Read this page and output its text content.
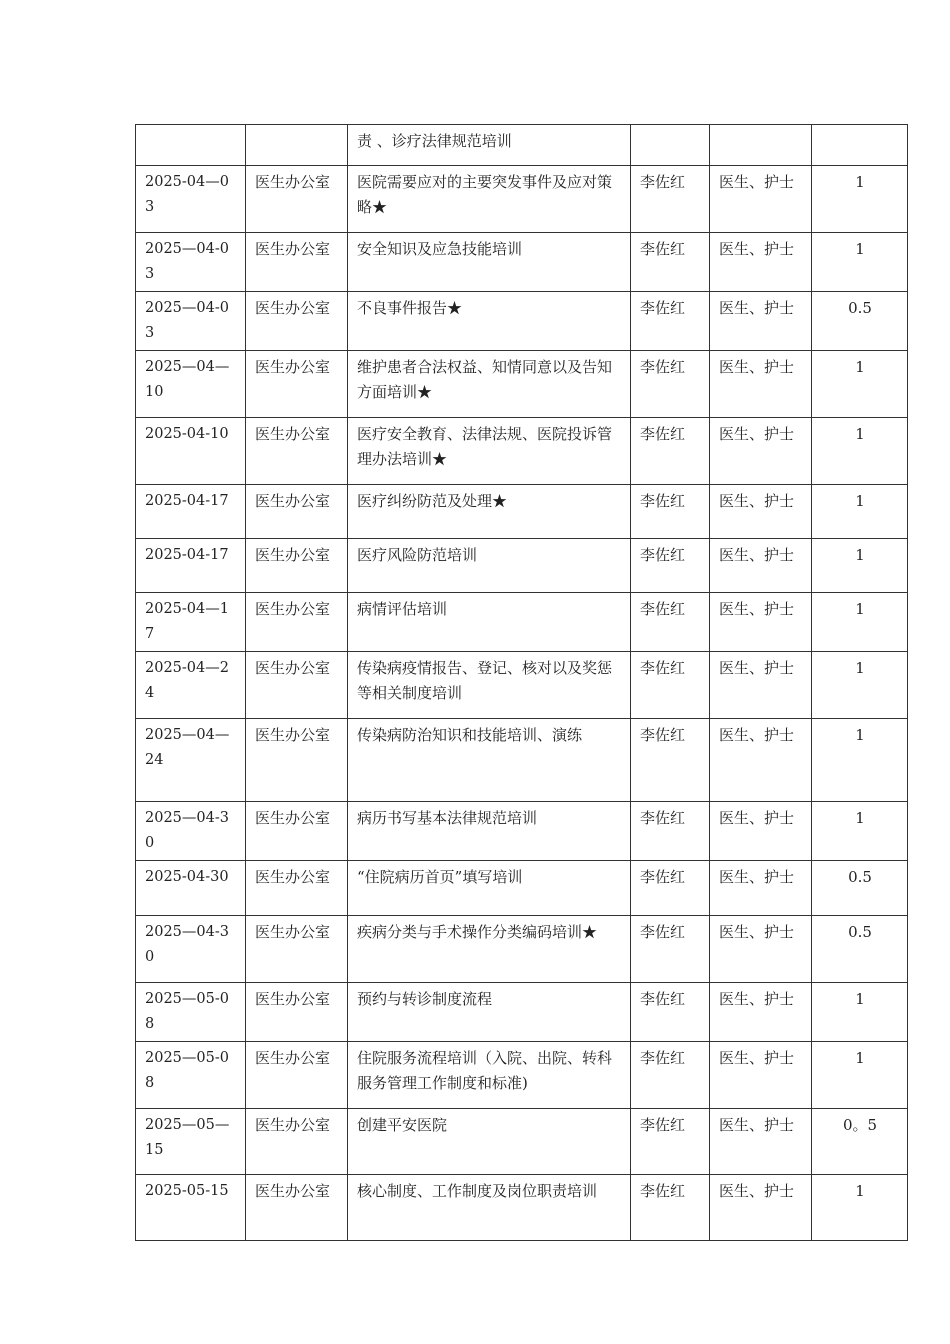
		责 、诊疗法律规范培训			
2025-04—03	医生办公室	医院需要应对的主要突发事件及应对策略★	李佐红	医生、护士	1
2025—04-03	医生办公室	安全知识及应急技能培训	李佐红	医生、护士	1
2025—04-03	医生办公室	不良事件报告★	李佐红	医生、护士	0.5
2025—04—10	医生办公室	维护患者合法权益、知情同意以及告知方面培训★	李佐红	医生、护士	1
2025-04-10	医生办公室	医疗安全教育、法律法规、医院投诉管理办法培训★	李佐红	医生、护士	1
2025-04-17	医生办公室	医疗纠纷防范及处理★	李佐红	医生、护士	1
2025-04-17	医生办公室	医疗风险防范培训	李佐红	医生、护士	1
2025-04—17	医生办公室	病情评估培训	李佐红	医生、护士	1
2025-04—24	医生办公室	传染病疫情报告、登记、核对以及奖惩等相关制度培训	李佐红	医生、护士	1
2025—04—24	医生办公室	传染病防治知识和技能培训、演练	李佐红	医生、护士	1
2025—04-30	医生办公室	病历书写基本法律规范培训	李佐红	医生、护士	1
2025-04-30	医生办公室	“住院病历首页”填写培训	李佐红	医生、护士	0.5
2025—04-30	医生办公室	疾病分类与手术操作分类编码培训★	李佐红	医生、护士	0.5
2025—05-08	医生办公室	预约与转诊制度流程	李佐红	医生、护士	1
2025—05-08	医生办公室	住院服务流程培训（入院、出院、转科服务管理工作制度和标准)	李佐红	医生、护士	1
2025—05—15	医生办公室	创建平安医院	李佐红	医生、护士	0。5
2025-05-15	医生办公室	核心制度、工作制度及岗位职责培训	李佐红	医生、护士	1
